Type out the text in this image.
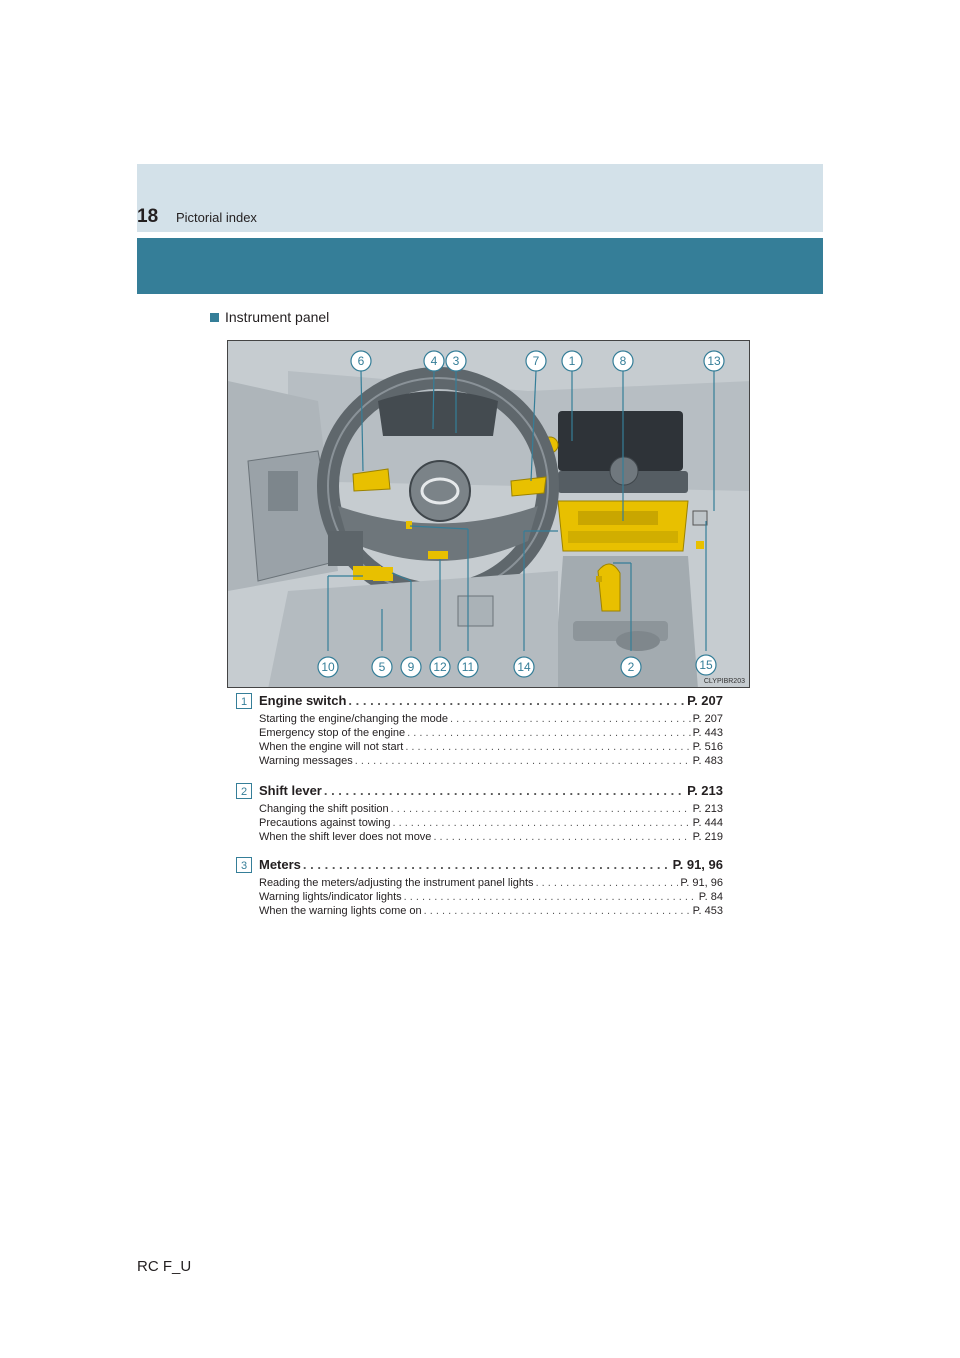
18 Pictorial index
Instrument panel
6	4 3	7 1	8	13
10	5 9 12 11	14	2	15
CLYPIBR203
1 Engine switch . . .	P. 207
Starting the engine/changing the mode . . .	P. 207
Emergency stop of the engine . . .	P. 443
When the engine will not start . . .	P. 516
Warning messages . . .	P. 483
2 Shift lever . . .	P. 213
Changing the shift position . . .	P. 213
Precautions against towing . . .	P. 444
When the shift lever does not move . . .	P. 219
3 Meters . . .	P. 91, 96
Reading the meters/adjusting the instrument panel lights . . .	P. 91, 96
Warning lights/indicator lights . . .	P. 84
When the warning lights come on . . .	P. 453
RC F_U
